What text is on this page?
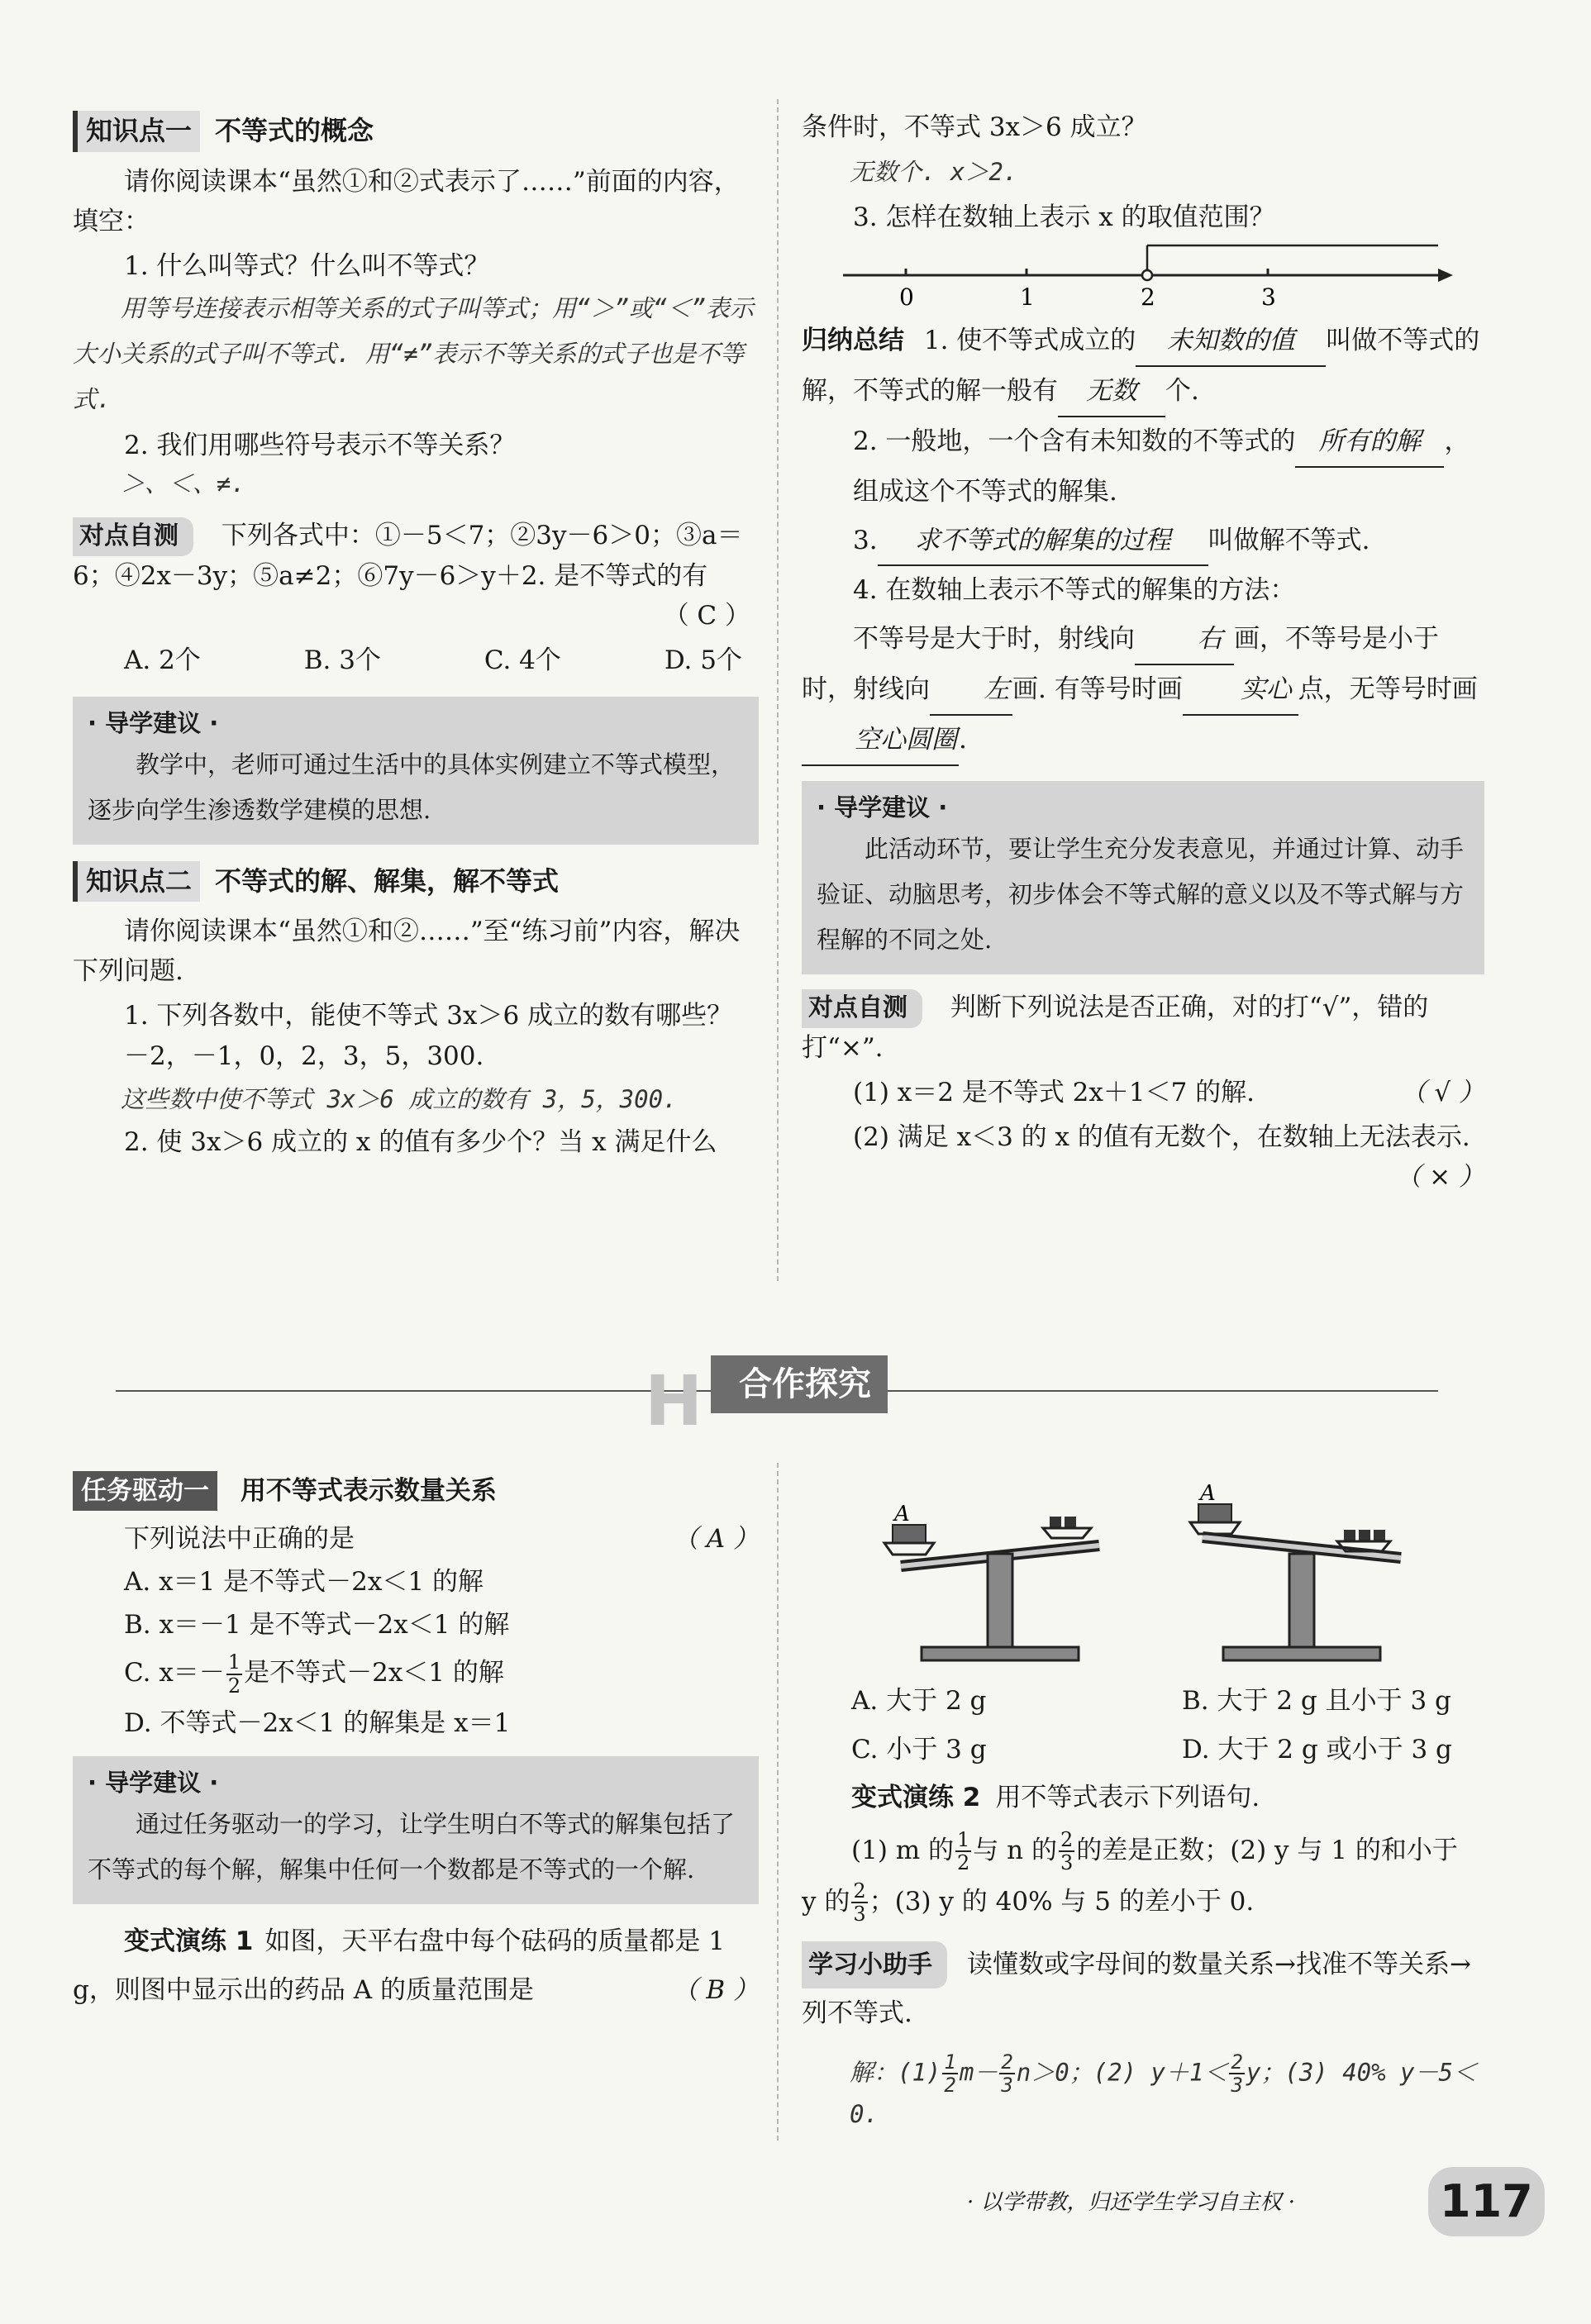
知识点一 不等式的概念

请你阅读课本“虽然①和②式表示了……”前面的内容，填空：

1. 什么叫等式？什么叫不等式？

用等号连接表示相等关系的式子叫等式；用“＞”或“＜”表示大小关系的式子叫不等式. 用“≠”表示不等关系的式子也是不等式.

2. 我们用哪些符号表示不等关系？

＞、＜、≠.

对点自测 下列各式中：①－5＜7；②3y－6＞0；③a＝6；④2x－3y；⑤a≠2；⑥7y－6＞y＋2. 是不等式的有

（ C ）

A. 2个	B. 3个	C. 4个	D. 5个
· 导学建议 ·
教学中，老师可通过生活中的具体实例建立不等式模型，逐步向学生渗透数学建模的思想.
知识点二 不等式的解、解集，解不等式

请你阅读课本“虽然①和②……”至“练习前”内容，解决下列问题.

1. 下列各数中，能使不等式 3x＞6 成立的数有哪些？

－2，－1，0，2，3，5，300.

这些数中使不等式 3x＞6 成立的数有 3，5，300.

2. 使 3x＞6 成立的 x 的值有多少个？当 x 满足什么

条件时，不等式 3x＞6 成立？

无数个. x＞2.

3. 怎样在数轴上表示 x 的取值范围？

0	1	2	3

归纳总结 1. 使不等式成立的 未知数的值 叫做不等式的解，不等式的解一般有 无数 个.

2. 一般地，一个含有未知数的不等式的 所有的解 ，组成这个不等式的解集.

3. 求不等式的解集的过程 叫做解不等式.

4. 在数轴上表示不等式的解集的方法：

不等号是大于时，射线向 右 画，不等号是小于时，射线向 左 画. 有等号时画 实心 点，无等号时画空心圆圈.

· 导学建议 ·
此活动环节，要让学生充分发表意见，并通过计算、动手验证、动脑思考，初步体会不等式解的意义以及不等式解与方程解的不同之处.

对点自测 判断下列说法是否正确，对的打“√”，错的打“×”.

(1) x＝2 是不等式 2x＋1＜7 的解.	（ √ ）

(2) 满足 x＜3 的 x 的值有无数个，在数轴上无法表示.
（ × ）

H	合作探究

任务驱动一 用不等式表示数量关系

下列说法中正确的是	（ A ）

A. x＝1 是不等式－2x＜1 的解

B. x＝－1 是不等式－2x＜1 的解

C. $x=- \frac{1}{2}$ 是不等式－2x＜1 的解

D. 不等式－2x＜1 的解集是 x＝1

· 导学建议 ·
通过任务驱动一的学习，让学生明白不等式的解集包括了不等式的每个解，解集中任何一个数都是不等式的一个解.

变式演练 1 如图，天平右盘中每个砝码的质量都是 1 g，则图中显示出的药品 A 的质量范围是	（ B ）

A
A
A. 大于 2 g	B. 大于 2 g 且小于 3 g
C. 小于 3 g	D. 大于 2 g 或小于 3 g

变式演练 2 用不等式表示下列语句.

(1) m 的 $\frac{1}{2}$ 与 n 的 $\frac{2}{3}$ 的差是正数；(2) y 与 1 的和小于

y 的 $\frac{2}{3}$ ；(3) y 的 40% 与 5 的差小于 0.

学习小助手 读懂数或字母间的数量关系→找准不等关系→列不等式.

解：$(1) \frac{1}{2} m- \frac{2}{3} n>0$；(2) $y+1< \frac{2}{3}$ y；(3) 40% y－5＜0.

· 以学带教，归还学生学习自主权 ·	117
